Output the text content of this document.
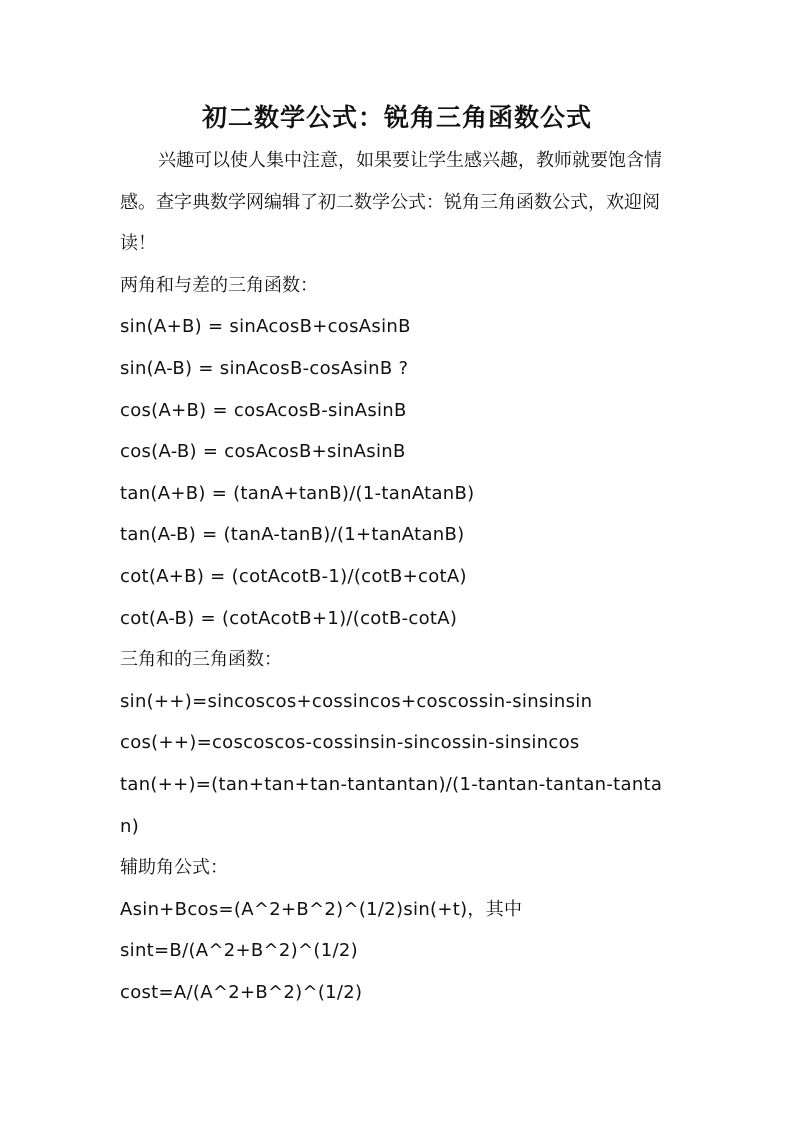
初二数学公式：锐角三角函数公式

兴趣可以使人集中注意，如果要让学生感兴趣，教师就要饱含情感。查字典数学网编辑了初二数学公式：锐角三角函数公式，欢迎阅读！

两角和与差的三角函数：

sin(A+B) = sinAcosB+cosAsinB

sin(A-B) = sinAcosB-cosAsinB ?

cos(A+B) = cosAcosB-sinAsinB

cos(A-B) = cosAcosB+sinAsinB

tan(A+B) = (tanA+tanB)/(1-tanAtanB)

tan(A-B) = (tanA-tanB)/(1+tanAtanB)

cot(A+B) = (cotAcotB-1)/(cotB+cotA)

cot(A-B) = (cotAcotB+1)/(cotB-cotA)

三角和的三角函数：

sin(++)=sincoscos+cossincos+coscossin-sinsinsin

cos(++)=coscoscos-cossinsin-sincossin-sinsincos

tan(++)=(tan+tan+tan-tantantan)/(1-tantan-tantan-tantan)

辅助角公式：

Asin+Bcos=(A^2+B^2)^(1/2)sin(+t)，其中

sint=B/(A^2+B^2)^(1/2)

cost=A/(A^2+B^2)^(1/2)
